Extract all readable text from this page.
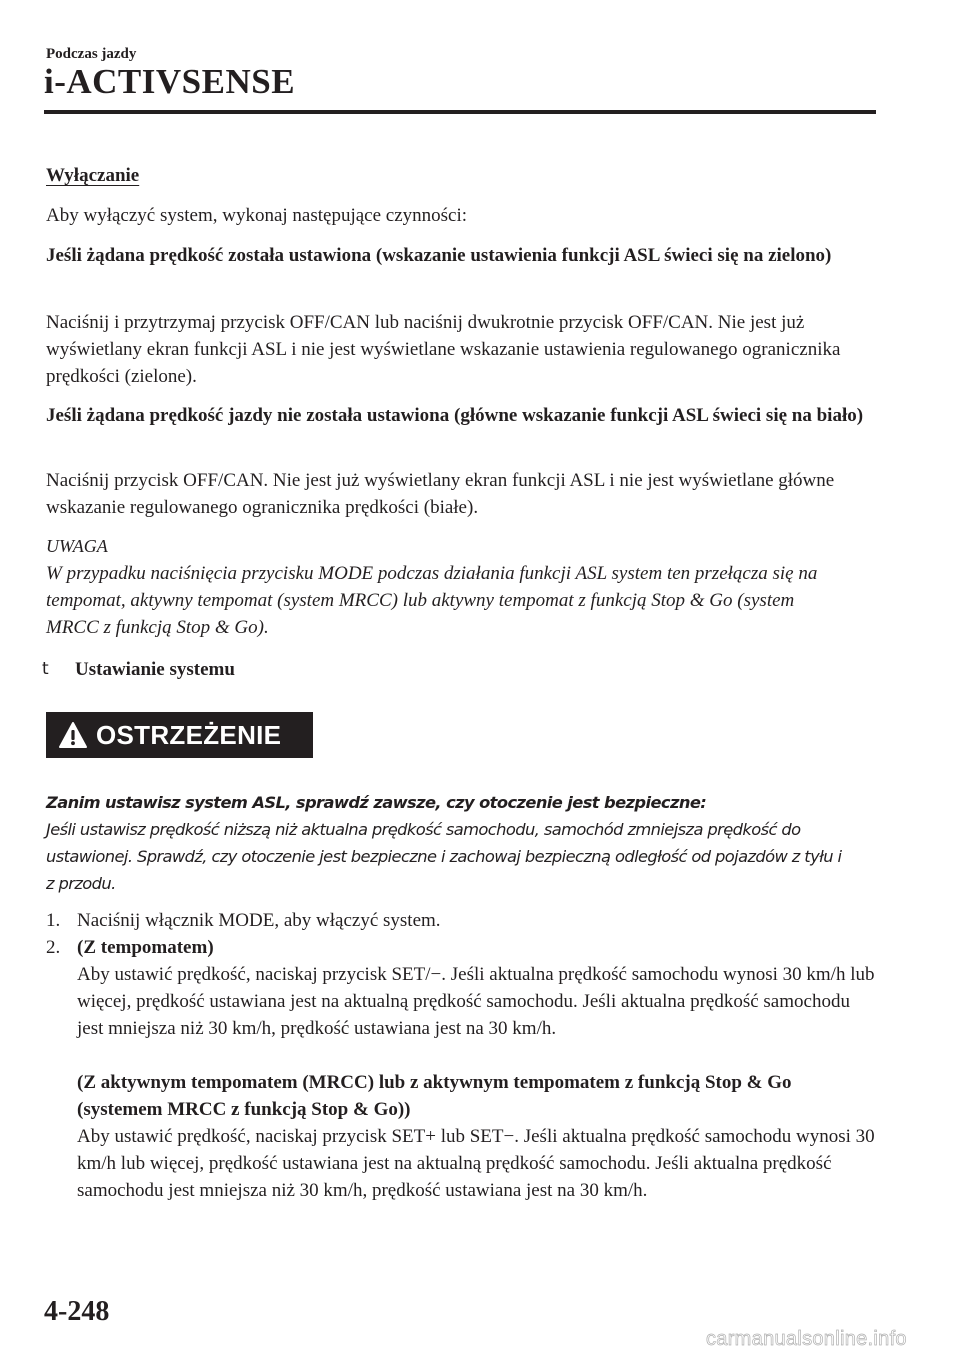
Podczas jazdy
i-ACTIVSENSE
Wyłączanie
Aby wyłączyć system, wykonaj następujące czynności:
Jeśli żądana prędkość została ustawiona (wskazanie ustawienia funkcji ASL świeci się na zielono)
Naciśnij i przytrzymaj przycisk OFF/CAN lub naciśnij dwukrotnie przycisk OFF/CAN. Nie jest już wyświetlany ekran funkcji ASL i nie jest wyświetlane wskazanie ustawienia regulowanego ogranicznika prędkości (zielone).
Jeśli żądana prędkość jazdy nie została ustawiona (główne wskazanie funkcji ASL świeci się na biało)
Naciśnij przycisk OFF/CAN. Nie jest już wyświetlany ekran funkcji ASL i nie jest wyświetlane główne wskazanie regulowanego ogranicznika prędkości (białe).
UWAGA
W przypadku naciśnięcia przycisku MODE podczas działania funkcji ASL system ten przełącza się na tempomat, aktywny tempomat (system MRCC) lub aktywny tempomat z funkcją Stop & Go (system MRCC z funkcją Stop & Go).
t Ustawianie systemu
OSTRZEŻENIE
Zanim ustawisz system ASL, sprawdź zawsze, czy otoczenie jest bezpieczne:
Jeśli ustawisz prędkość niższą niż aktualna prędkość samochodu, samochód zmniejsza prędkość do ustawionej. Sprawdź, czy otoczenie jest bezpieczne i zachowaj bezpieczną odległość od pojazdów z tyłu i z przodu.
1. Naciśnij włącznik MODE, aby włączyć system.
2. (Z tempomatem)
Aby ustawić prędkość, naciskaj przycisk SET/−. Jeśli aktualna prędkość samochodu wynosi 30 km/h lub więcej, prędkość ustawiana jest na aktualną prędkość samochodu. Jeśli aktualna prędkość samochodu jest mniejsza niż 30 km/h, prędkość ustawiana jest na 30 km/h.
(Z aktywnym tempomatem (MRCC) lub z aktywnym tempomatem z funkcją Stop & Go (systemem MRCC z funkcją Stop & Go))
Aby ustawić prędkość, naciskaj przycisk SET+ lub SET−. Jeśli aktualna prędkość samochodu wynosi 30 km/h lub więcej, prędkość ustawiana jest na aktualną prędkość samochodu. Jeśli aktualna prędkość samochodu jest mniejsza niż 30 km/h, prędkość ustawiana jest na 30 km/h.
4-248
carmanualsonline.info
